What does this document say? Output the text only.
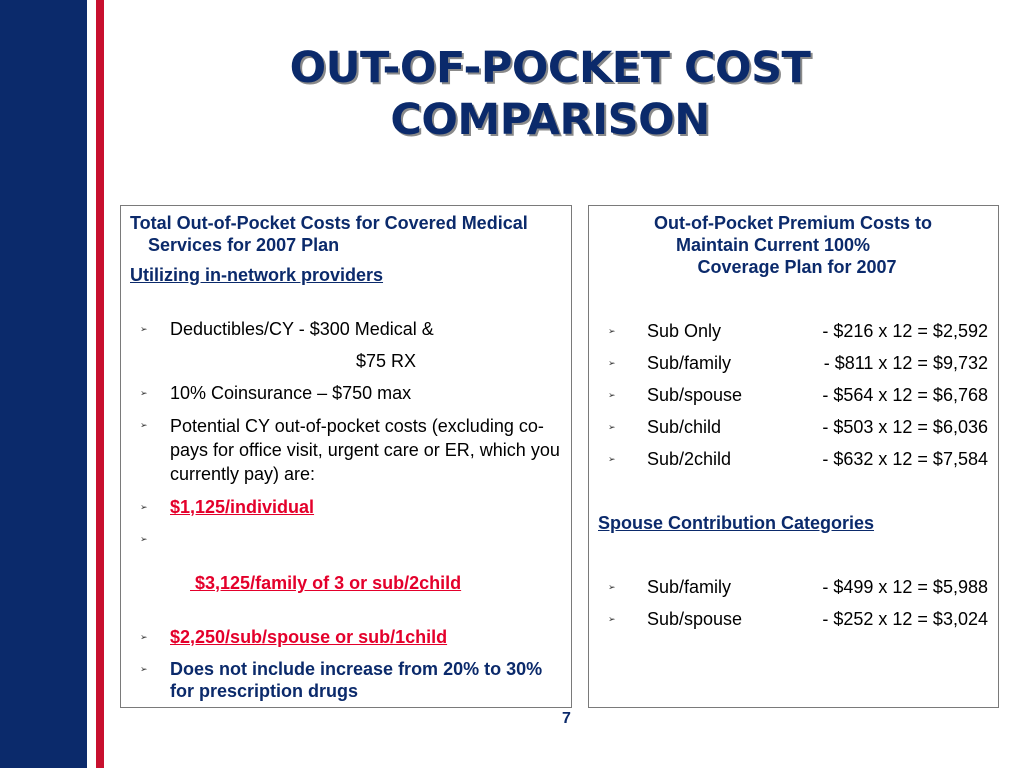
OUT-OF-POCKET COST
COMPARISON
Total Out-of-Pocket Costs for Covered Medical Services for 2007 Plan
Utilizing in-network providers
➢ Deductibles/CY - $300 Medical &
$75 RX
➢ 10% Coinsurance – $750 max
➢ Potential CY out-of-pocket costs (excluding co-pays for office visit, urgent care or ER, which you currently pay) are:
➢ $1,125/individual

➢

$3,125/family of 3 or sub/2child

➢ $2,250/sub/spouse or sub/1child
➢ Does not include increase from 20% to 30% for prescription drugs
Out-of-Pocket Premium Costs to
Maintain Current 100%
Coverage Plan for 2007
➢ Sub Only	- $216 x 12 = $2,592
➢ Sub/family	- $811 x 12 = $9,732
➢ Sub/spouse	- $564 x 12 = $6,768
➢ Sub/child	- $503 x 12 = $6,036
➢ Sub/2child	- $632 x 12 = $7,584
Spouse Contribution Categories
➢ Sub/family	- $499 x 12 = $5,988
➢ Sub/spouse	- $252 x 12 = $3,024
7
